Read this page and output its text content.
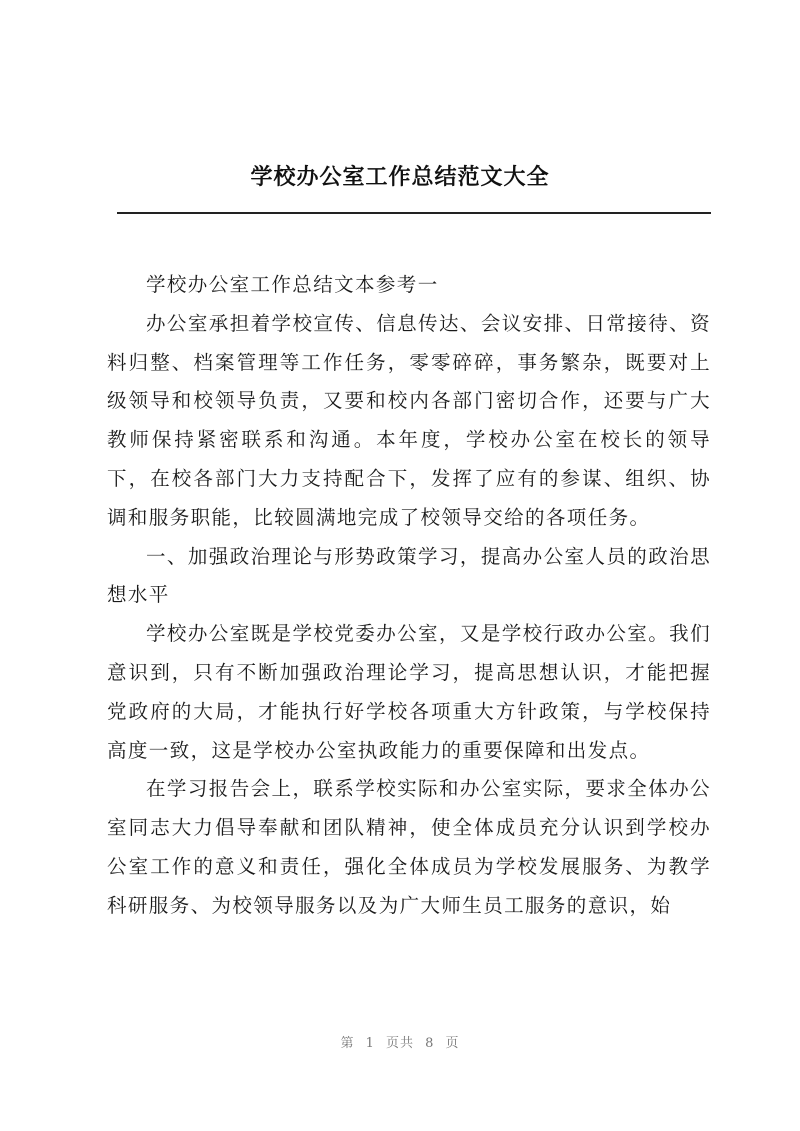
学校办公室工作总结范文大全

学校办公室工作总结文本参考一

办公室承担着学校宣传、信息传达、会议安排、日常接待、资料归整、档案管理等工作任务，零零碎碎，事务繁杂，既要对上级领导和校领导负责，又要和校内各部门密切合作，还要与广大教师保持紧密联系和沟通。本年度，学校办公室在校长的领导下，在校各部门大力支持配合下，发挥了应有的参谋、组织、协调和服务职能，比较圆满地完成了校领导交给的各项任务。

一、加强政治理论与形势政策学习，提高办公室人员的政治思想水平

学校办公室既是学校党委办公室，又是学校行政办公室。我们意识到，只有不断加强政治理论学习，提高思想认识，才能把握党政府的大局，才能执行好学校各项重大方针政策，与学校保持高度一致，这是学校办公室执政能力的重要保障和出发点。

在学习报告会上，联系学校实际和办公室实际，要求全体办公室同志大力倡导奉献和团队精神，使全体成员充分认识到学校办公室工作的意义和责任，强化全体成员为学校发展服务、为教学科研服务、为校领导服务以及为广大师生员工服务的意识，始

第 1 页共 8 页
